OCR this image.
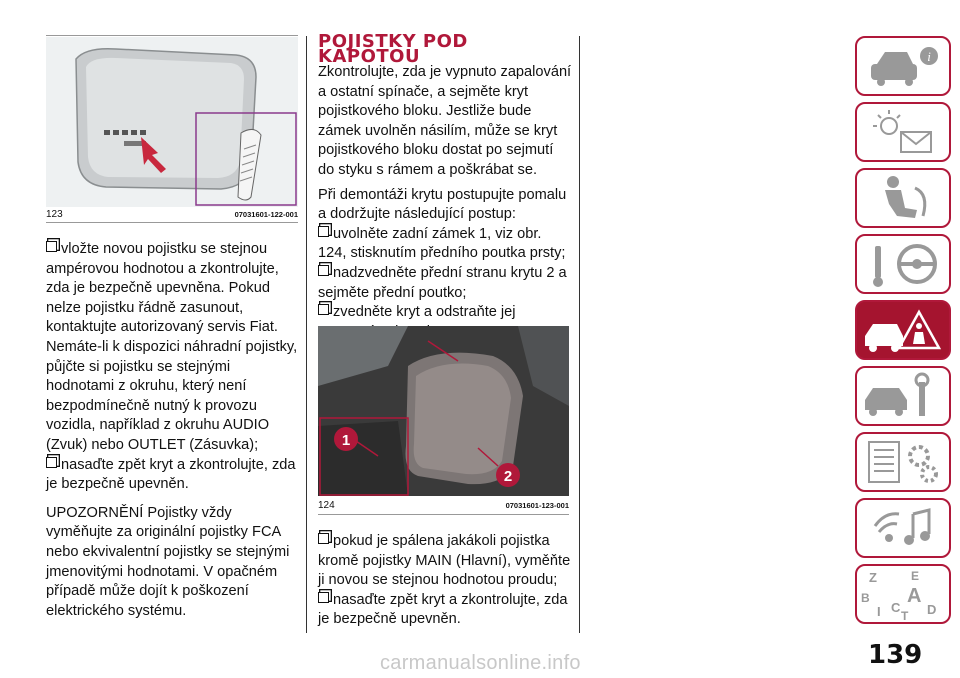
123	07031601-122-001

vložte novou pojistku se stejnou ampérovou hodnotou a zkontrolujte, zda je bezpečně upevněna. Pokud nelze pojistku řádně zasunout, kontaktujte autorizovaný servis Fiat. Nemáte-li k dispozici náhradní pojistky, půjčte si pojistku se stejnými hodnotami z okruhu, který není bezpodmínečně nutný k provozu vozidla, například z okruhu AUDIO (Zvuk) nebo OUTLET (Zásuvka);

nasaďte zpět kryt a zkontrolujte, zda je bezpečně upevněn.

UPOZORNĚNÍ Pojistky vždy vyměňujte za originální pojistky FCA nebo ekvivalentní pojistky se stejnými jmenovitými hodnotami. V opačném případě může dojít k poškození elektrického systému.

POJISTKY POD
KAPOTOU

Zkontrolujte, zda je vypnuto zapalování a ostatní spínače, a sejměte kryt pojistkového bloku. Jestliže bude zámek uvolněn násilím, může se kryt pojistkového bloku dostat po sejmutí do styku s rámem a poškrábat se.

Při demontáži krytu postupujte pomalu a dodržujte následující postup:

uvolněte zadní zámek 1, viz obr. 124, stisknutím předního poutka prsty;

nadzvedněte přední stranu krytu 2 a sejměte přední poutko;

zvedněte kryt a odstraňte jej

1
2
124	07031601-123-001

pokud je spálena jakákoli pojistka kromě pojistky MAIN (Hlavní), vyměňte ji novou se stejnou hodnotou proudu;

nasaďte zpět kryt a zkontrolujte, zda je bezpečně upevněn.

i
Z	E
B A
I C
T D
139
carmanualsonline.info
